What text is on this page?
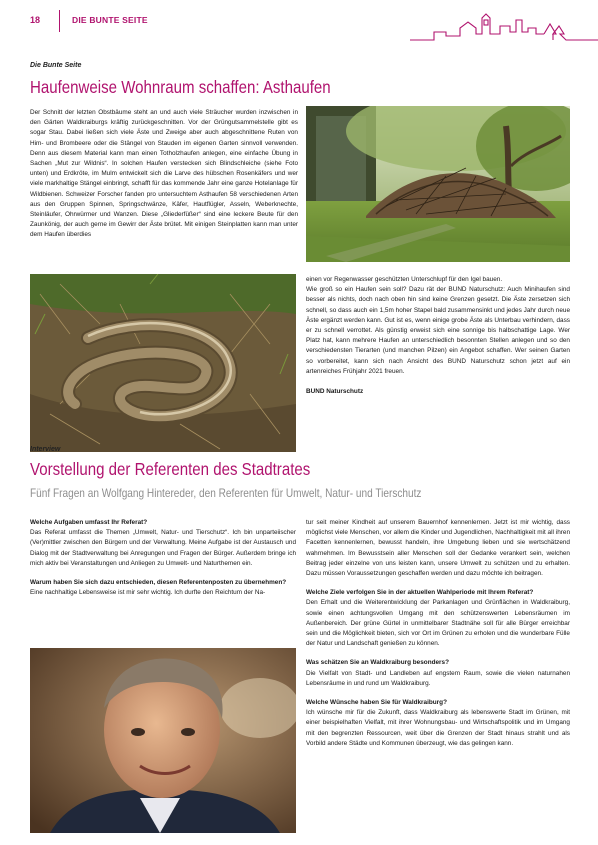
18	DIE BUNTE SEITE
Die Bunte Seite
Haufenweise Wohnraum schaffen: Asthaufen

Der Schnitt der letzten Obstbäume steht an und auch viele Sträucher wurden inzwischen in den Gärten Waldkraiburgs kräftig zurückgeschnitten. Vor der Grüngutsammelstelle gibt es sogar Stau. Dabei ließen sich viele Äste und Zweige aber auch abgeschnittene Ruten von Him- und Brombeere oder die Stängel von Stauden im eigenen Garten sinnvoll verwenden. Denn aus diesem Material kann man einen Totholzhaufen anlegen, eine einfache Übung in Sachen „Mut zur Wildnis“. In solchen Haufen verstecken sich Blindschleiche (siehe Foto unten) und Erdkröte, im Mulm entwickelt sich die Larve des hübschen Rosenkäfers und wer viele markhaltige Stängel einbringt, schafft für das kommende Jahr eine ganze Hotelanlage für Wildbienen. Schweizer Forscher fanden pro untersuchtem Asthaufen 58 verschiedenen Arten aus den Gruppen Spinnen, Springschwänze, Käfer, Hautflügler, Asseln, Weberknechte, Steinläufer, Ohrwürmer und Wanzen. Diese „Gliederfüßer“ sind eine leckere Beute für den Zaunkönig, der auch gerne im Gewirr der Äste brütet. Mit einigen Steinplatten kann man unter dem Haufen überdies

einen vor Regenwasser geschützten Unterschlupf für den Igel bauen.

Wie groß so ein Haufen sein soll? Dazu rät der BUND Naturschutz: Auch Minihaufen sind besser als nichts, doch nach oben hin sind keine Grenzen gesetzt. Die Äste zersetzen sich schnell, so dass auch ein 1,5m hoher Stapel bald zusammensinkt und jedes Jahr durch neue Äste ergänzt werden kann. Gut ist es, wenn einige grobe Äste als Unterbau verhindern, dass er zu schnell verrottet. Als günstig erweist sich eine sonnige bis halbschattige Lage. Wer Platz hat, kann mehrere Haufen an unterschiedlich besonnten Stellen anlegen und so den verschiedensten Tierarten (und manchen Pilzen) ein Angebot schaffen. Wer seinen Garten so vorbereitet, kann sich nach Ansicht des BUND Naturschutz schon jetzt auf ein artenreiches Frühjahr 2021 freuen.

BUND Naturschutz

Interview
Vorstellung der Referenten des Stadtrates
Fünf Fragen an Wolfgang Hintereder, den Referenten für Umwelt, Natur- und Tierschutz

Welche Aufgaben umfasst Ihr Referat?

Das Referat umfasst die Themen „Umwelt, Natur- und Tierschutz“. Ich bin unparteiischer (Ver)mittler zwischen den Bürgern und der Verwaltung. Meine Aufgabe ist der Austausch und Dialog mit der Stadtverwaltung bei Anregungen und Fragen der Bürger. Außerdem bringe ich mich aktiv bei Veranstaltungen und Anliegen zu Umwelt- und Naturthemen ein.

Warum haben Sie sich dazu entschieden, diesen Referentenposten zu übernehmen?

Eine nachhaltige Lebensweise ist mir sehr wichtig. Ich durfte den Reichtum der Na-

tur seit meiner Kindheit auf unserem Bauernhof kennenlernen. Jetzt ist mir wichtig, dass möglichst viele Menschen, vor allem die Kinder und Jugendlichen, Nachhaltigkeit mit all ihren Facetten kennenlernen, bewusst handeln, ihre Umgebung lieben und sie wertschätzend wahrnehmen. Im Bewusstsein aller Menschen soll der Gedanke verankert sein, welchen Beitrag jeder einzelne von uns leisten kann, unsere Umwelt zu schützen und zu erhalten. Dazu müssen Voraussetzungen geschaffen werden und dazu möchte ich beitragen.

Welche Ziele verfolgen Sie in der aktuellen Wahlperiode mit Ihrem Referat?

Den Erhalt und die Weiterentwicklung der Parkanlagen und Grünflächen in Waldkraiburg, sowie einen achtungsvollen Umgang mit den schützenswerten Lebensräumen im Außenbereich. Der grüne Gürtel in unmittelbarer Stadtnähe soll für alle Bürger erreichbar sein und die Möglichkeit bieten, sich vor Ort im Grünen zu erholen und die wunderbare Fülle der Natur und Landschaft genießen zu können.

Was schätzen Sie an Waldkraiburg besonders?

Die Vielfalt von Stadt- und Landleben auf engstem Raum, sowie die vielen naturnahen Lebensräume in und rund um Waldkraiburg.

Welche Wünsche haben Sie für Waldkraiburg?

Ich wünsche mir für die Zukunft, dass Waldkraiburg als lebenswerte Stadt im Grünen, mit einer beispielhaften Vielfalt, mit ihrer Wohnungsbau- und Wirtschaftspolitik und im Umgang mit den begrenzten Ressourcen, weit über die Grenzen der Stadt hinaus strahlt und als Vorbild andere Städte und Kommunen überzeugt, wie das gelingen kann.
